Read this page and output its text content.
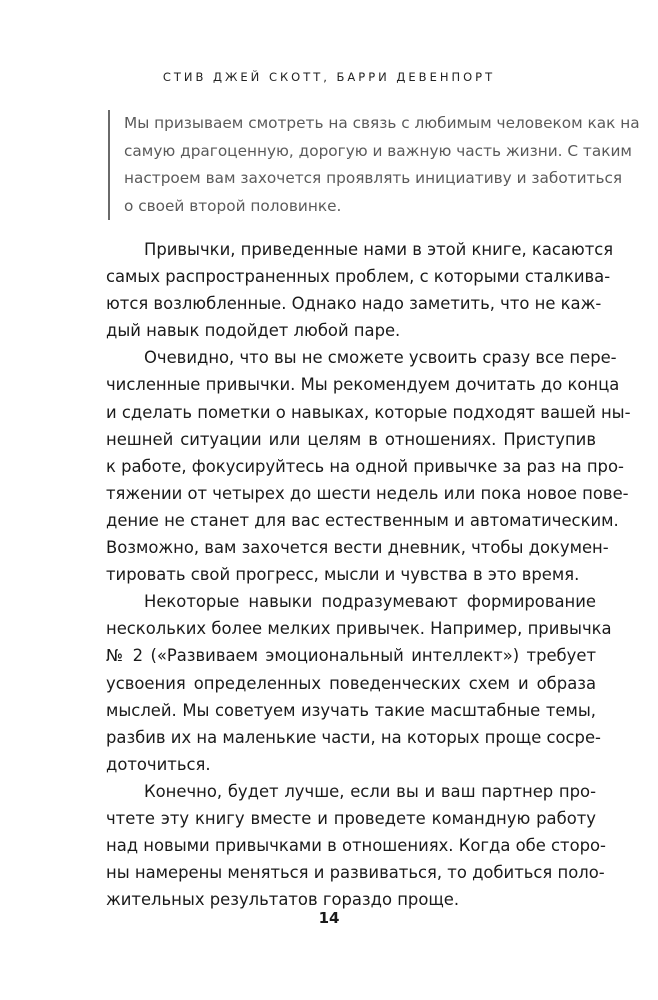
СТИВ ДЖЕЙ СКОТТ, БАРРИ ДЕВЕНПОРТ
Мы призываем смотреть на связь с любимым человеком как на
самую драгоценную, дорогую и важную часть жизни. С таким
настроем вам захочется проявлять инициативу и заботиться
о своей второй половинке.
Привычки, приведенные нами в этой книге, касаются
самых распространенных проблем, с которыми сталкива-
ются возлюбленные. Однако надо заметить, что не каж-
дый навык подойдет любой паре.
Очевидно, что вы не сможете усвоить сразу все пере-
численные привычки. Мы рекомендуем дочитать до конца
и сделать пометки о навыках, которые подходят вашей ны-
нешней ситуации или целям в отношениях. Приступив
к работе, фокусируйтесь на одной привычке за раз на про-
тяжении от четырех до шести недель или пока новое пове-
дение не станет для вас естественным и автоматическим.
Возможно, вам захочется вести дневник, чтобы докумен-
тировать свой прогресс, мысли и чувства в это время.
Некоторые навыки подразумевают формирование
нескольких более мелких привычек. Например, привычка
№ 2 («Развиваем эмоциональный интеллект») требует
усвоения определенных поведенческих схем и образа
мыслей. Мы советуем изучать такие масштабные темы,
разбив их на маленькие части, на которых проще сосре-
доточиться.
Конечно, будет лучше, если вы и ваш партнер про-
чтете эту книгу вместе и проведете командную работу
над новыми привычками в отношениях. Когда обе сторо-
ны намерены меняться и развиваться, то добиться поло-
жительных результатов гораздо проще.
14
